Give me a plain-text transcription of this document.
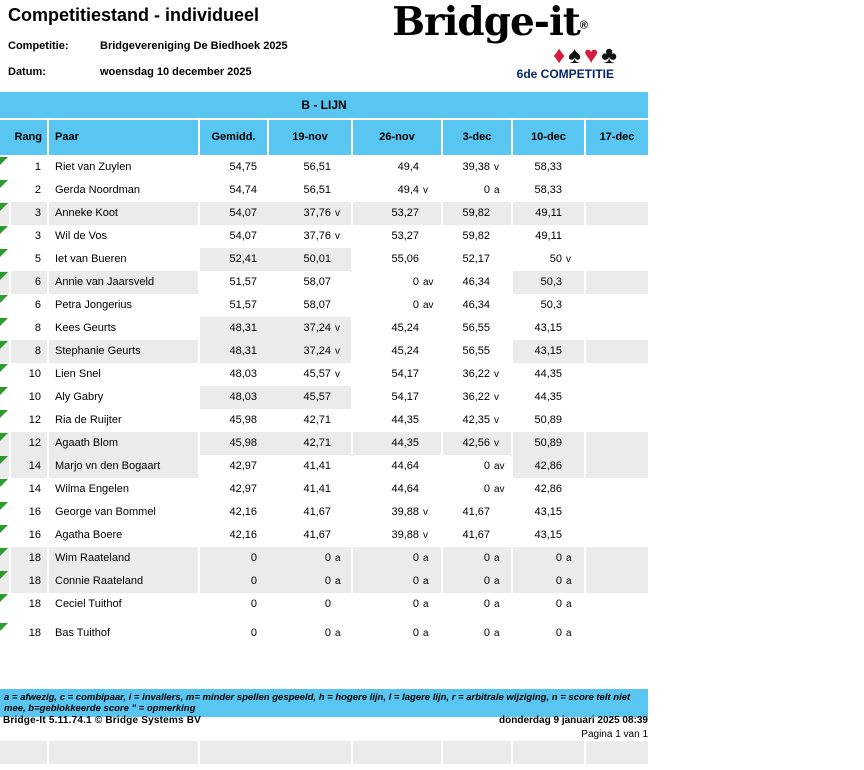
Competitiestand - individueel
Competitie:	Bridgevereniging De Biedhoek 2025
Datum:	woensdag 10 december 2025
Bridge-it®
♦♠♥♣
6de COMPETITIE
B - LIJN
Rang	Paar	Gemidd.	19-nov	26-nov	3-dec	10-dec	17-dec
1	Riet van Zuylen	54,75	56,51	49,4	39,38 v	58,33
2	Gerda Noordman	54,74	56,51	49,4 v	0 a	58,33
3	Anneke Koot	54,07	37,76 v	53,27	59,82	49,11
3	Wil de Vos	54,07	37,76 v	53,27	59,82	49,11
5	Iet van Bueren	52,41	50,01	55,06	52,17	50 v
6	Annie van Jaarsveld	51,57	58,07	0 av	46,34	50,3
6	Petra Jongerius	51,57	58,07	0 av	46,34	50,3
8	Kees Geurts	48,31	37,24 v	45,24	56,55	43,15
8	Stephanie Geurts	48,31	37,24 v	45,24	56,55	43,15
10	Lien Snel	48,03	45,57 v	54,17	36,22 v	44,35
10	Aly Gabry	48,03	45,57	54,17	36,22 v	44,35
12	Ria de Ruijter	45,98	42,71	44,35	42,35 v	50,89
12	Agaath Blom	45,98	42,71	44,35	42,56 v	50,89
14	Marjo vn den Bogaart	42,97	41,41	44,64	0 av	42,86
14	Wilma Engelen	42,97	41,41	44,64	0 av	42,86
16	George van Bommel	42,16	41,67	39,88 v	41,67	43,15
16	Agatha Boere	42,16	41,67	39,88 v	41,67	43,15
18	Wim Raateland	0	0 a	0 a	0 a	0 a
18	Connie Raateland	0	0 a	0 a	0 a	0 a
18	Ceciel Tuithof	0	0	0 a	0 a	0 a
18	Bas Tuithof	0	0 a	0 a	0 a	0 a
a = afwezig, c = combipaar, i = invallers, m= minder spellen gespeeld, h = hogere lijn, l = lagere lijn, r = arbitrale wijziging, n = score telt niet mee, b=geblokkeerde score " = opmerking
Bridge-It 5.11.74.1 © Bridge Systems BV	donderdag 9 januari 2025 08:39
Pagina 1 van 1
